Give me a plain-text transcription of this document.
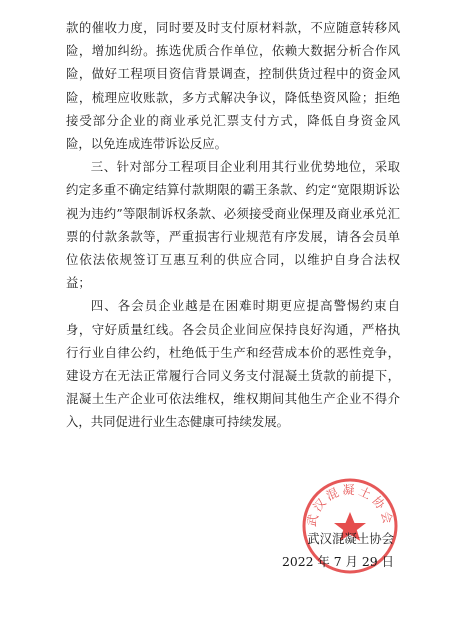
款的催收力度，同时要及时支付原材料款，不应随意转移风险，增加纠纷。拣选优质合作单位，依赖大数据分析合作风险，做好工程项目资信背景调查，控制供货过程中的资金风险，梳理应收账款，多方式解决争议，降低垫资风险；拒绝接受部分企业的商业承兑汇票支付方式，降低自身资金风险，以免连成连带诉讼反应。

三、针对部分工程项目企业利用其行业优势地位，采取约定多重不确定结算付款期限的霸王条款、约定“宽限期诉讼视为违约”等限制诉权条款、必须接受商业保理及商业承兑汇票的付款条款等，严重损害行业规范有序发展，请各会员单位依法依规签订互惠互利的供应合同，以维护自身合法权益；

四、各会员企业越是在困难时期更应提高警惕约束自身，守好质量红线。各会员企业间应保持良好沟通，严格执行行业自律公约，杜绝低于生产和经营成本价的恶性竞争，建设方在无法正常履行合同义务支付混凝土货款的前提下，混凝土生产企业可依法维权，维权期间其他生产企业不得介入，共同促进行业生态健康可持续发展。

武汉混凝土协会
武汉混凝土协会
2022 年 7 月 29 日
